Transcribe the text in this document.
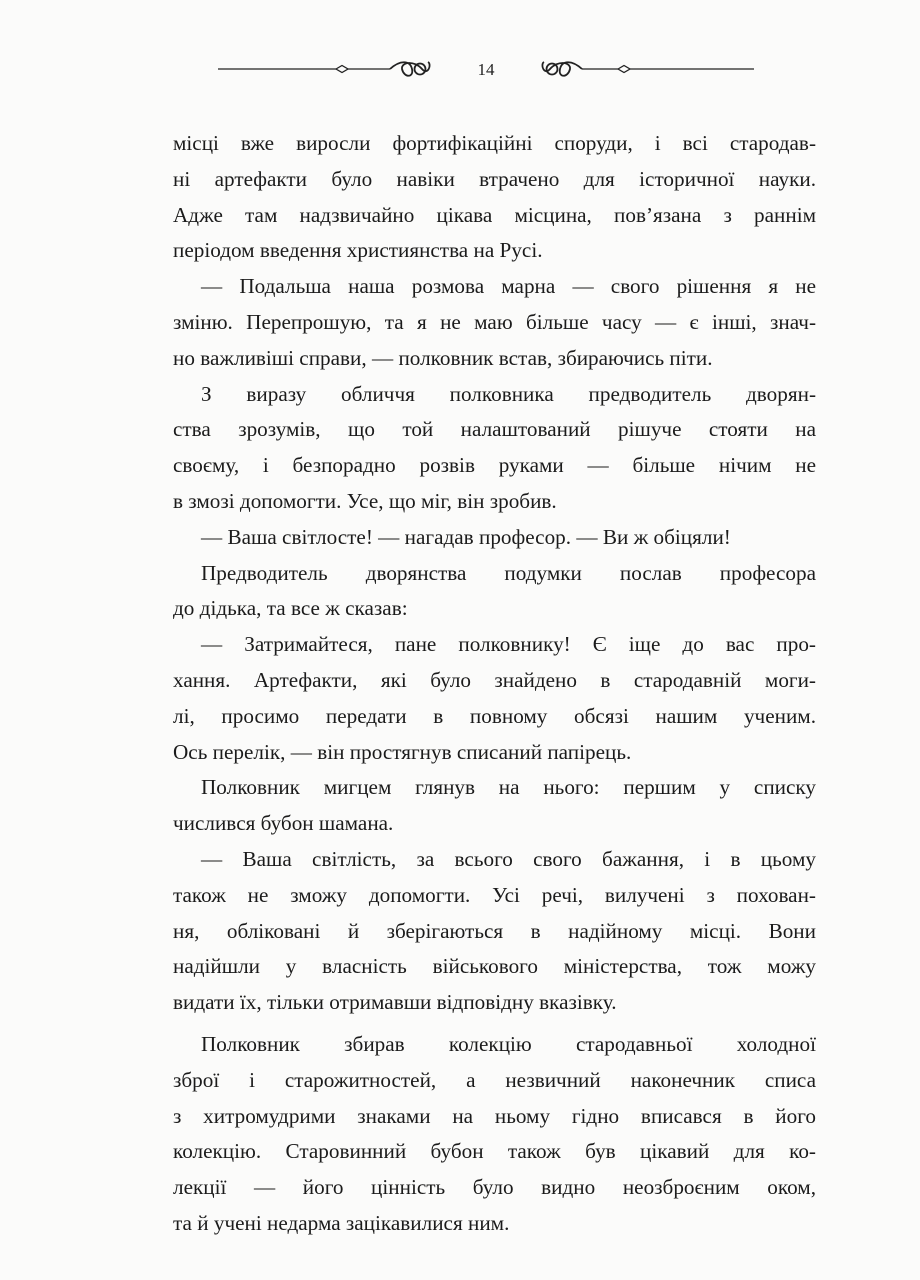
14
місці вже виросли фортифікаційні споруди, і всі стародав-
ні артефакти було навіки втрачено для історичної науки.
Адже там надзвичайно цікава місцина, пов’язана з раннім
періодом введення християнства на Русі.
— Подальша наша розмова марна — свого рішення я не
зміню. Перепрошую, та я не маю більше часу — є інші, знач-
но важливіші справи, — полковник встав, збираючись піти.
З виразу обличчя полковника предводитель дворян-
ства зрозумів, що той налаштований рішуче стояти на
своєму, і безпорадно розвів руками — більше нічим не
в змозі допомогти. Усе, що міг, він зробив.
— Ваша світлосте! — нагадав професор. — Ви ж обіцяли!
Предводитель дворянства подумки послав професора
до дідька, та все ж сказав:
— Затримайтеся, пане полковнику! Є іще до вас про-
хання. Артефакти, які було знайдено в стародавній моги-
лі, просимо передати в повному обсязі нашим ученим.
Ось перелік, — він простягнув списаний папірець.
Полковник мигцем глянув на нього: першим у списку
числився бубон шамана.
— Ваша світлість, за всього свого бажання, і в цьому
також не зможу допомогти. Усі речі, вилучені з похован-
ня, обліковані й зберігаються в надійному місці. Вони
надійшли у власність військового міністерства, тож можу
видати їх, тільки отримавши відповідну вказівку.
Полковник збирав колекцію стародавньої холодної
зброї і старожитностей, а незвичний наконечник списа
з хитромудрими знаками на ньому гідно вписався в його
колекцію. Старовинний бубон також був цікавий для ко-
лекції — його цінність було видно неозброєним оком,
та й учені недарма зацікавилися ним.
